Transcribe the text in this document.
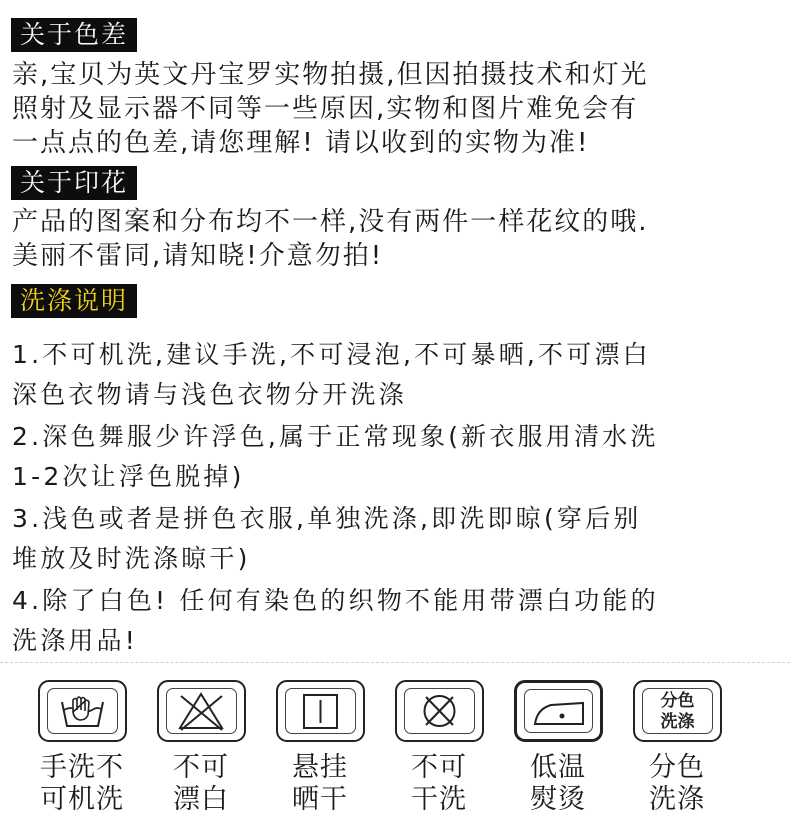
关于色差
亲,宝贝为英文丹宝罗实物拍摄,但因拍摄技术和灯光
照射及显示器不同等一些原因,实物和图片难免会有
一点点的色差,请您理解! 请以收到的实物为准!
关于印花
产品的图案和分布均不一样,没有两件一样花纹的哦.
美丽不雷同,请知晓!介意勿拍!
洗涤说明
1.不可机洗,建议手洗,不可浸泡,不可暴晒,不可漂白
深色衣物请与浅色衣物分开洗涤
2.深色舞服少许浮色,属于正常现象(新衣服用清水洗
1-2次让浮色脱掉)
3.浅色或者是拼色衣服,单独洗涤,即洗即晾(穿后别
堆放及时洗涤晾干)
4.除了白色! 任何有染色的织物不能用带漂白功能的
洗涤用品!
手洗不
可机洗
不可
漂白
悬挂
晒干
不可
干洗
低温
熨烫
分色
洗涤
分色
洗涤
